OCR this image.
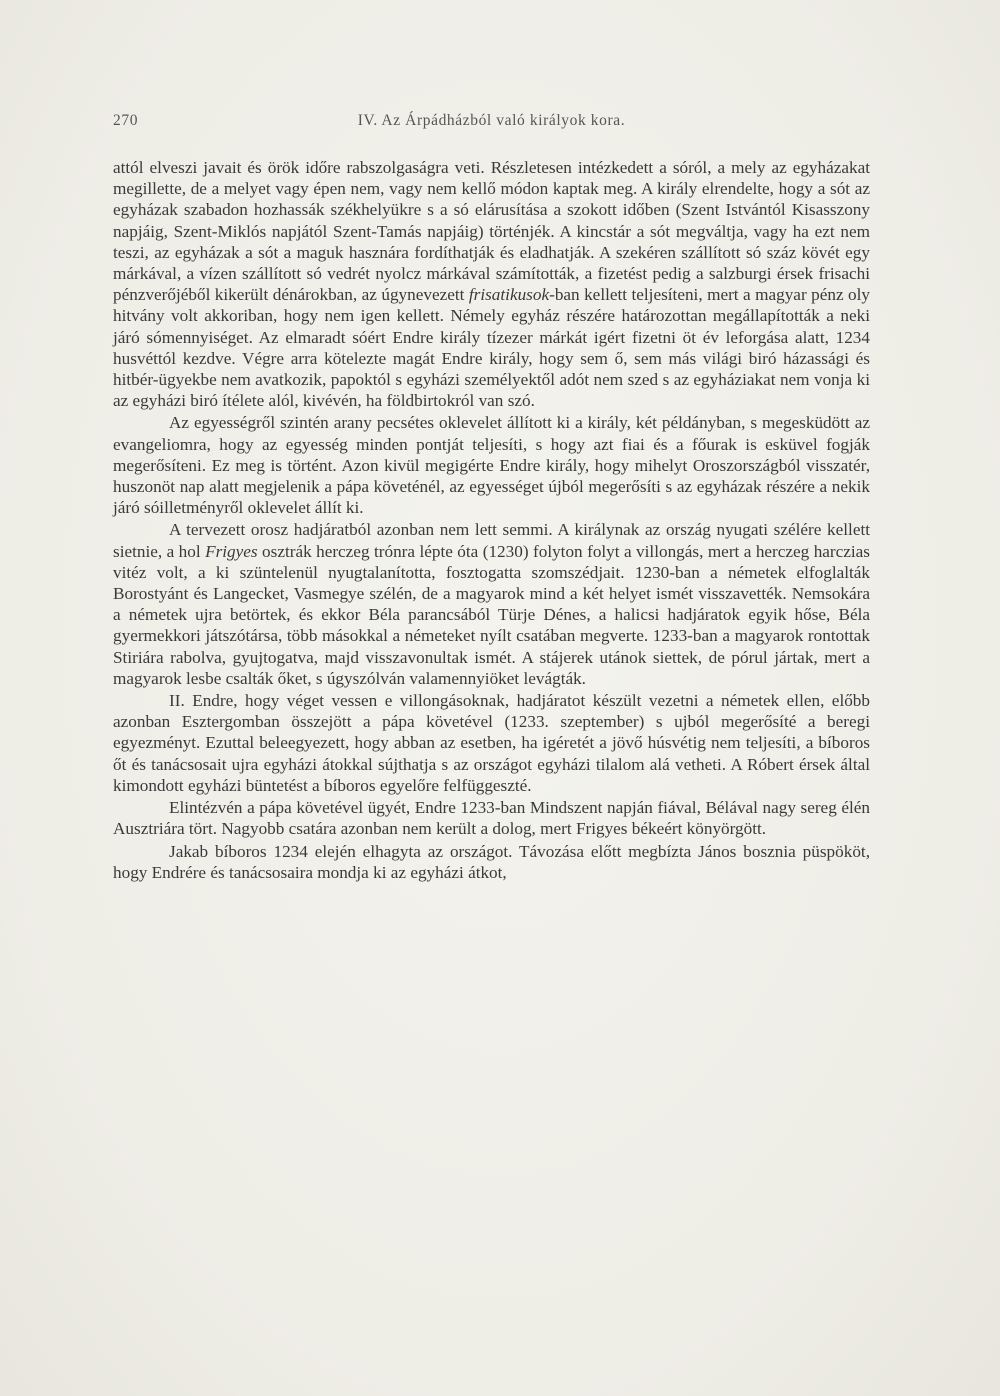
270	IV. Az Árpádházból való királyok kora.

attól elveszi javait és örök időre rabszolgaságra veti. Részletesen intézkedett a sóról, a mely az egyházakat megillette, de a melyet vagy épen nem, vagy nem kellő módon kaptak meg. A király elrendelte, hogy a sót az egyházak szabadon hozhassák székhelyükre s a só elárusítása a szokott időben (Szent Istvántól Kisasszony napjáig, Szent-Miklós napjától Szent-Tamás napjáig) történjék. A kincstár a sót megváltja, vagy ha ezt nem teszi, az egyházak a sót a maguk hasznára fordíthatják és eladhatják. A szekéren szállított só száz kövét egy márkával, a vízen szállított só vedrét nyolcz márkával számították, a fizetést pedig a salzburgi érsek frisachi pénzverőjéből kikerült dénárokban, az úgynevezett frisatikusok-ban kellett teljesíteni, mert a magyar pénz oly hitvány volt akkoriban, hogy nem igen kellett. Némely egyház részére határozottan megállapították a neki járó sómennyiséget. Az elmaradt sóért Endre király tízezer márkát igért fizetni öt év leforgása alatt, 1234 husvéttól kezdve. Végre arra kötelezte magát Endre király, hogy sem ő, sem más világi biró házassági és hitbér-ügyekbe nem avatkozik, papoktól s egyházi személyektől adót nem szed s az egyháziakat nem vonja ki az egyházi biró ítélete alól, kivévén, ha földbirtokról van szó.

Az egyességről szintén arany pecsétes oklevelet állított ki a király, két példányban, s megesküdött az evangeliomra, hogy az egyesség minden pontját teljesíti, s hogy azt fiai és a főurak is esküvel fogják megerősíteni. Ez meg is történt. Azon kivül megigérte Endre király, hogy mihelyt Oroszországból visszatér, huszonöt nap alatt megjelenik a pápa követénél, az egyességet újból megerősíti s az egyházak részére a nekik járó sóilletményről oklevelet állít ki.

A tervezett orosz hadjáratból azonban nem lett semmi. A királynak az ország nyugati szélére kellett sietnie, a hol Frigyes osztrák herczeg trónra lépte óta (1230) folyton folyt a villongás, mert a herczeg harczias vitéz volt, a ki szüntelenül nyugtalanította, fosztogatta szomszédjait. 1230-ban a németek elfoglalták Borostyánt és Langecket, Vasmegye szélén, de a magyarok mind a két helyet ismét visszavették. Nemsokára a németek ujra betörtek, és ekkor Béla parancsából Türje Dénes, a halicsi hadjáratok egyik hőse, Béla gyermekkori játszótársa, több másokkal a németeket nyílt csatában megverte. 1233-ban a magyarok rontottak Stiriára rabolva, gyujtogatva, majd visszavonultak ismét. A stájerek utánok siettek, de pórul jártak, mert a magyarok lesbe csalták őket, s úgyszólván valamennyiöket levágták.

II. Endre, hogy véget vessen e villongásoknak, hadjáratot készült vezetni a németek ellen, előbb azonban Esztergomban összejött a pápa követével (1233. szeptember) s ujból megerősíté a beregi egyezményt. Ezuttal beleegyezett, hogy abban az esetben, ha igéretét a jövő húsvétig nem teljesíti, a bíboros őt és tanácsosait ujra egyházi átokkal sújthatja s az országot egyházi tilalom alá vetheti. A Róbert érsek által kimondott egyházi büntetést a bíboros egyelőre felfüggeszté.

Elintézvén a pápa követével ügyét, Endre 1233-ban Mindszent napján fiával, Bélával nagy sereg élén Ausztriára tört. Nagyobb csatára azonban nem került a dolog, mert Frigyes békeért könyörgött.

Jakab bíboros 1234 elején elhagyta az országot. Távozása előtt megbízta János bosznia püspököt, hogy Endrére és tanácsosaira mondja ki az egyházi átkot,
